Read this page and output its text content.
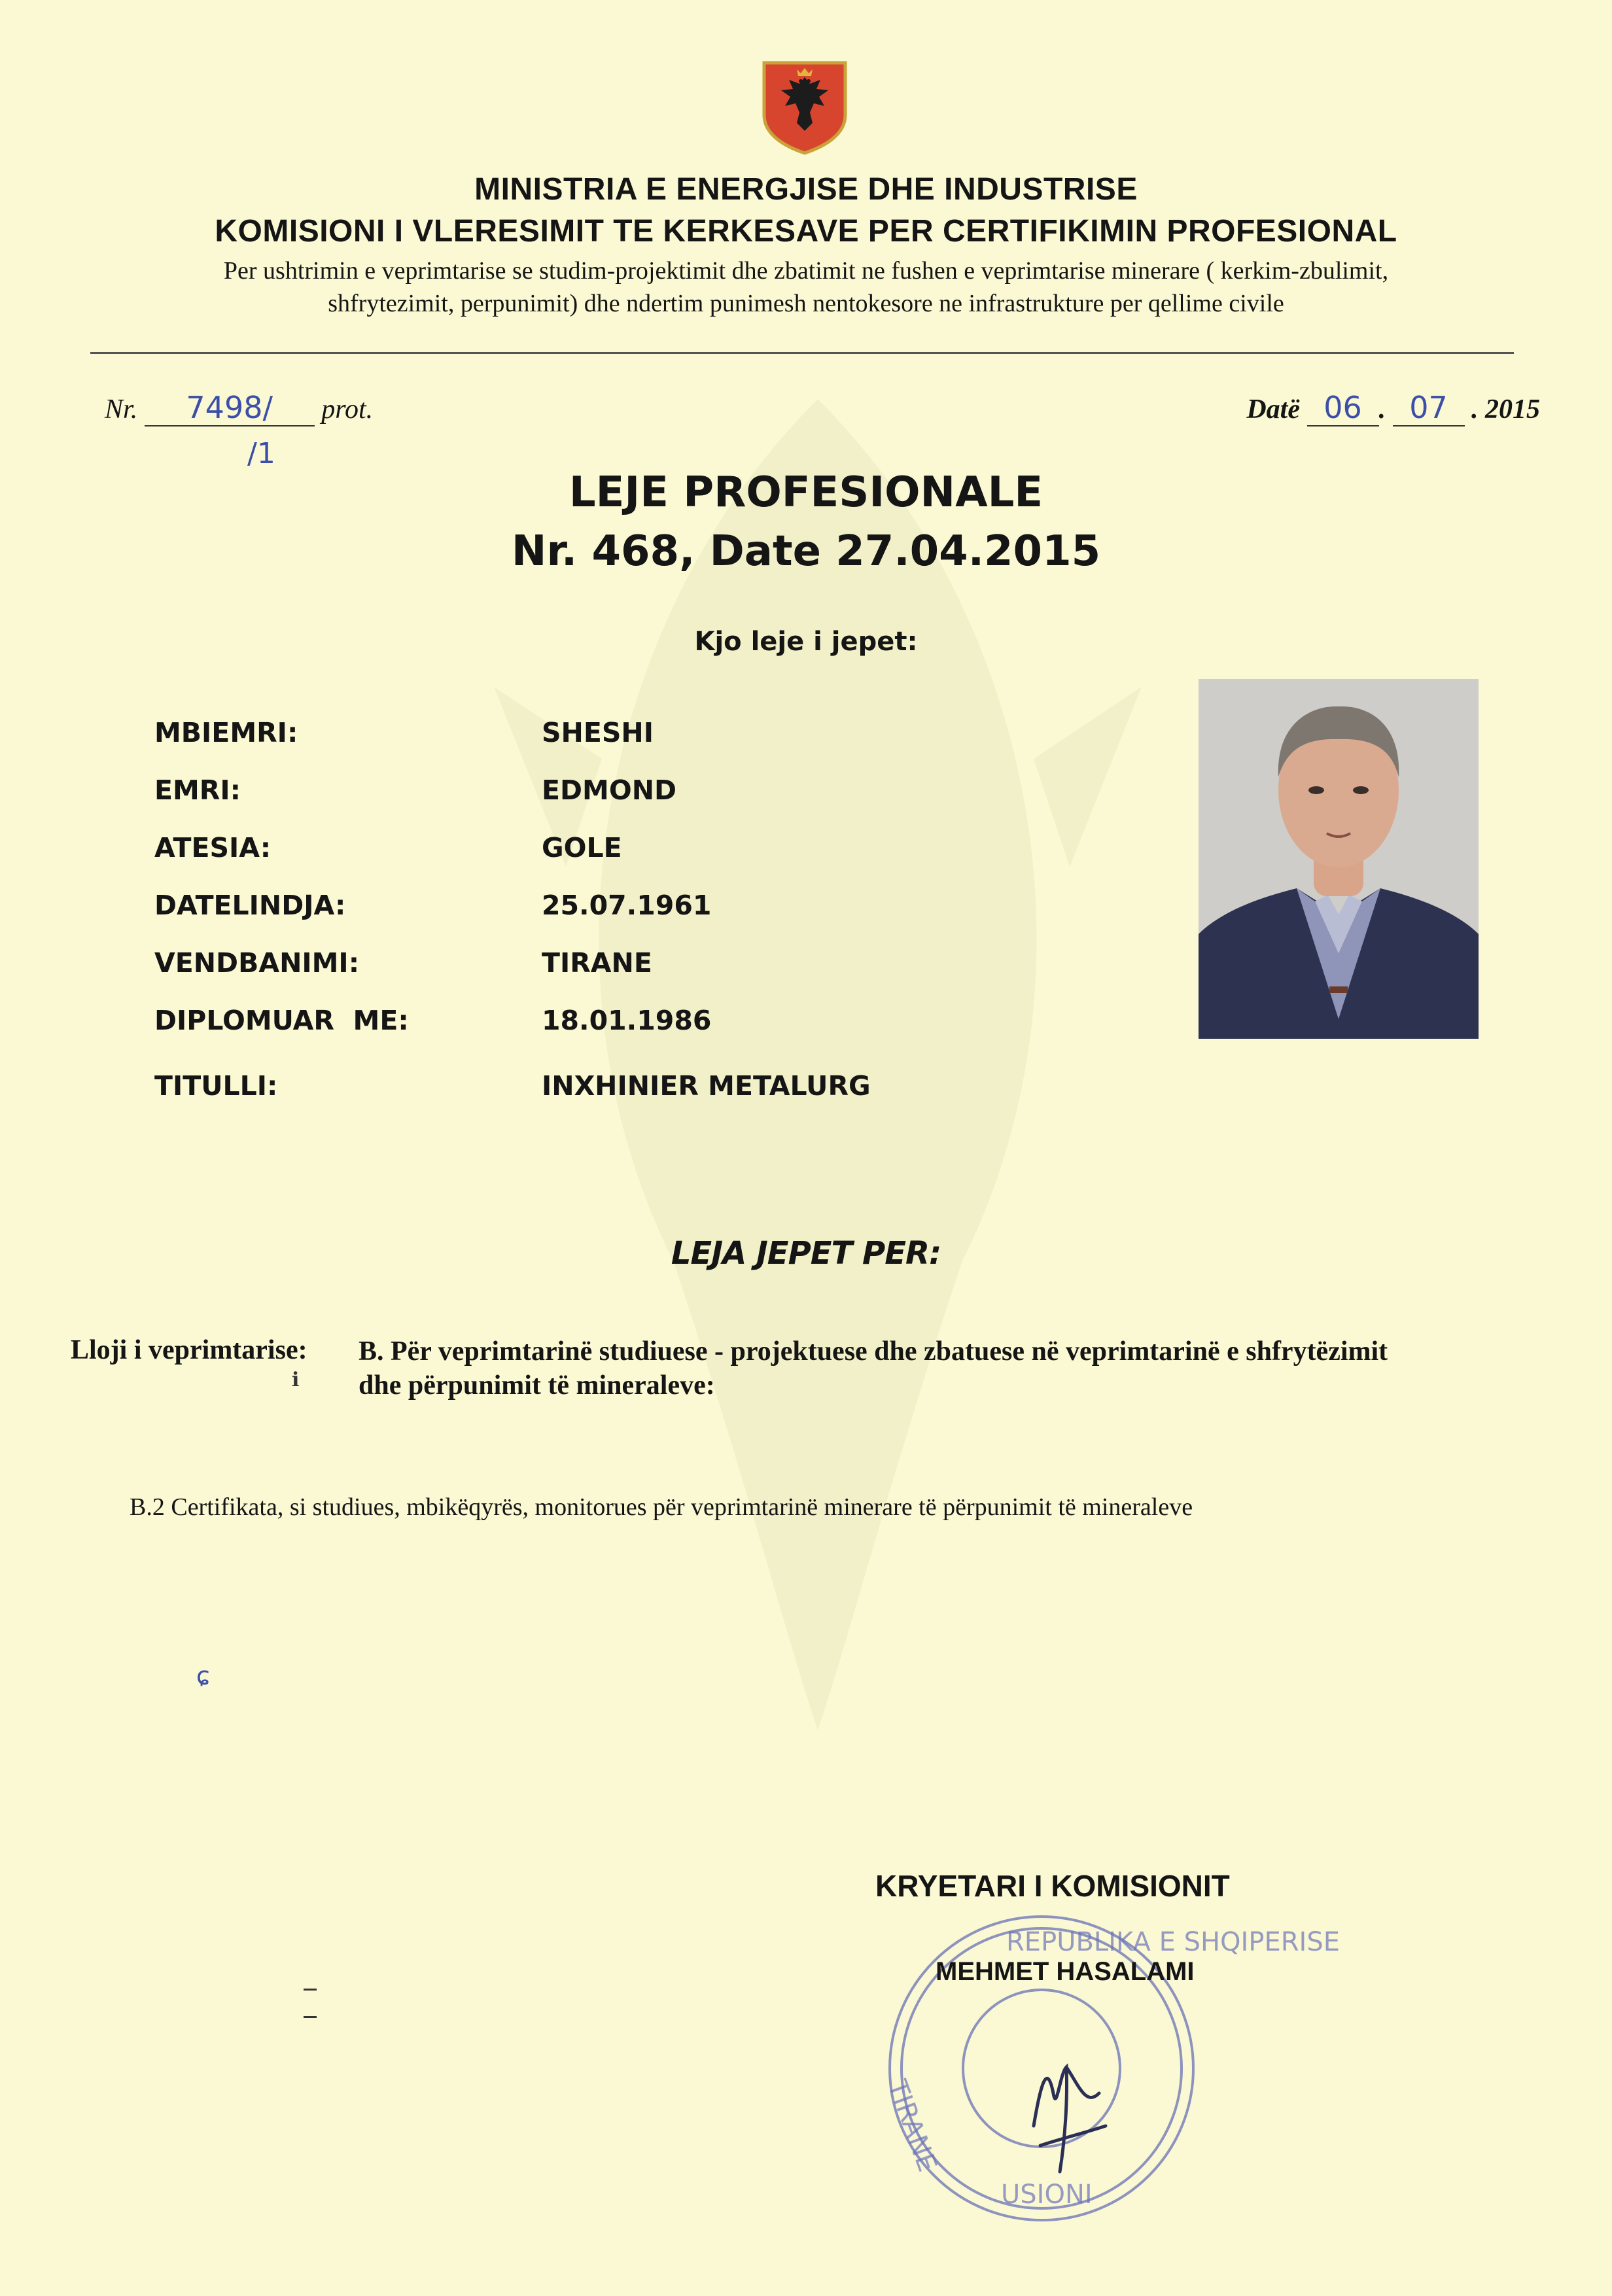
MINISTRIA E ENERGJISE DHE INDUSTRISE
KOMISIONI I VLERESIMIT TE KERKESAVE PER CERTIFIKIMIN PROFESIONAL
Per ushtrimin e veprimtarise se studim-projektimit dhe zbatimit ne fushen e veprimtarise minerare ( kerkim-zbulimit,
shfrytezimit, perpunimit) dhe ndertim punimesh nentokesore ne infrastrukture per qellime civile
Nr. 7498/ prot.
/1
Datë 06 . 07 . 2015
LEJE PROFESIONALE
Nr. 468, Date 27.04.2015
Kjo leje i jepet:
MBIEMRI:	SHESHI
EMRI:	EDMOND
ATESIA:	GOLE
DATELINDJA:	25.07.1961
VENDBANIMI:	TIRANE
DIPLOMUAR  ME:	18.01.1986
TITULLI:	INXHINIER METALURG
LEJA JEPET PER:
Lloji i veprimtarise: B. Për veprimtarinë studiuese - projektuese dhe zbatuese në veprimtarinë e shfrytëzimit
dhe përpunimit të mineraleve:
ℹ
B.2 Certifikata, si studiues, mbikëqyrës, monitorues për veprimtarinë minerare të përpunimit të mineraleve
ɕ
REPUBLIKA E SHQIPERISE
USIONI
TIRANE
KRYETARI I KOMISIONIT
MEHMET HASALAMI
